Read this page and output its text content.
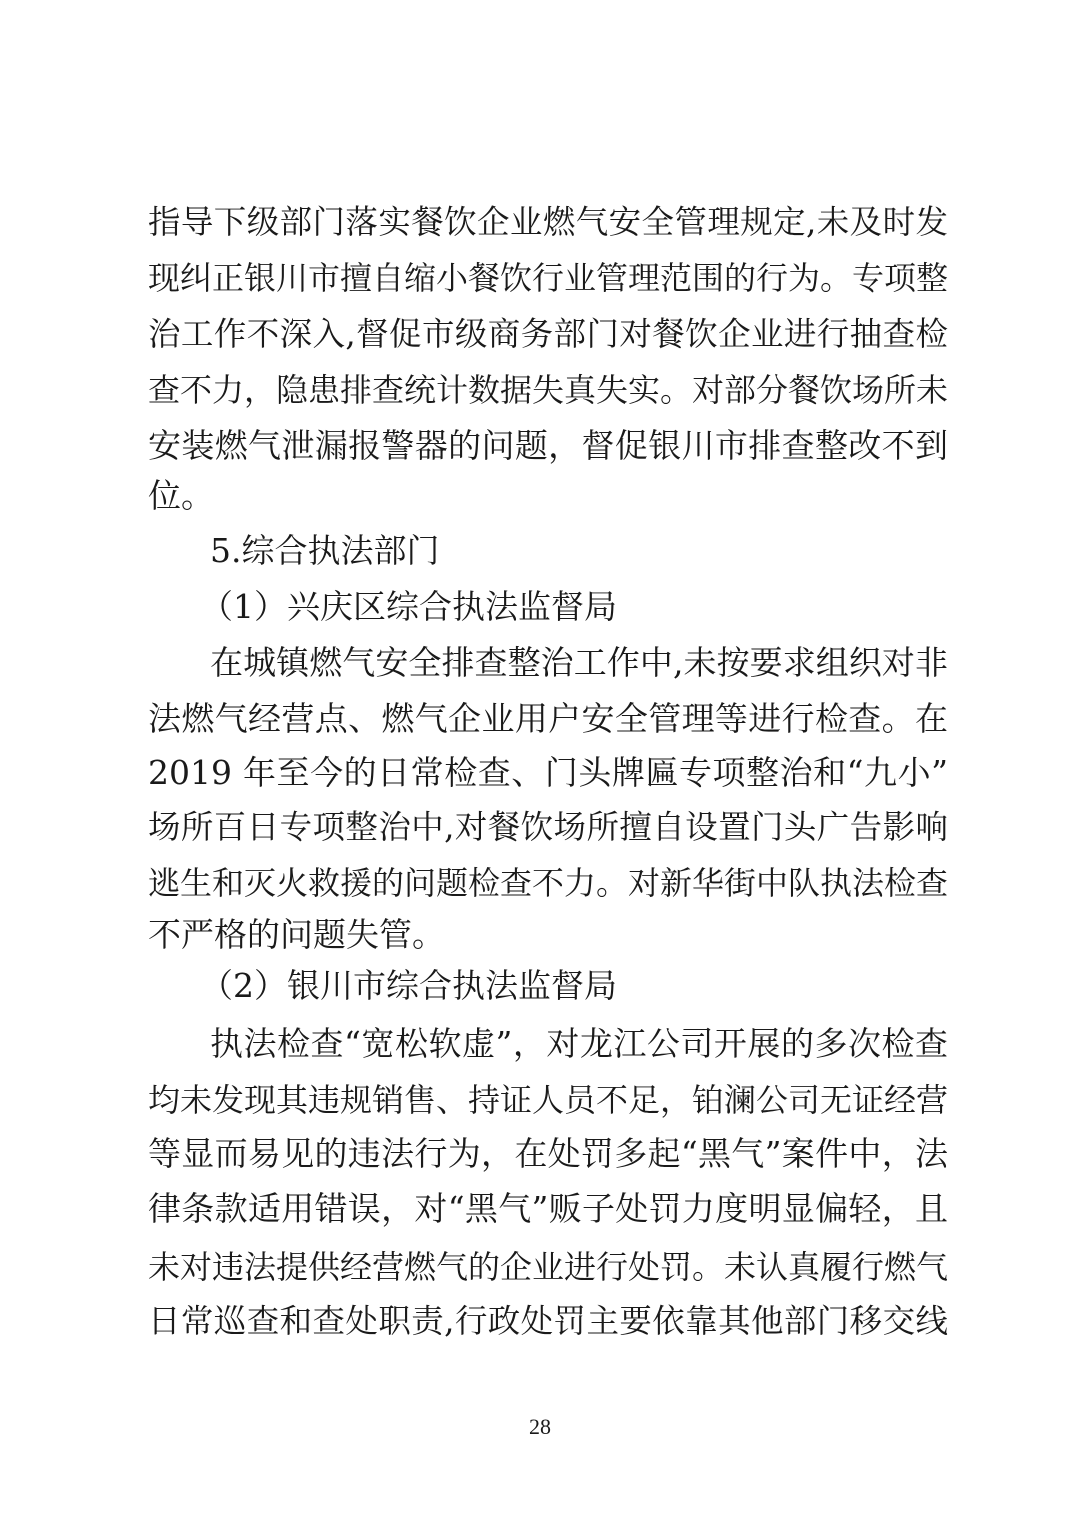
指导下级部门落实餐饮企业燃气安全管理规定,未及时发
现纠正银川市擅自缩小餐饮行业管理范围的行为。专项整
治工作不深入,督促市级商务部门对餐饮企业进行抽查检
查不力，隐患排查统计数据失真失实。对部分餐饮场所未
安装燃气泄漏报警器的问题，督促银川市排查整改不到
位。
5.综合执法部门
（1）兴庆区综合执法监督局
在城镇燃气安全排查整治工作中,未按要求组织对非
法燃气经营点、燃气企业用户安全管理等进行检查。在
2019 年至今的日常检查、门头牌匾专项整治和“九小”
场所百日专项整治中,对餐饮场所擅自设置门头广告影响
逃生和灭火救援的问题检查不力。对新华街中队执法检查
不严格的问题失管。
（2）银川市综合执法监督局
执法检查“宽松软虚”，对龙江公司开展的多次检查
均未发现其违规销售、持证人员不足，铂澜公司无证经营
等显而易见的违法行为，在处罚多起“黑气”案件中，法
律条款适用错误，对“黑气”贩子处罚力度明显偏轻，且
未对违法提供经营燃气的企业进行处罚。未认真履行燃气
日常巡查和查处职责,行政处罚主要依靠其他部门移交线
28
